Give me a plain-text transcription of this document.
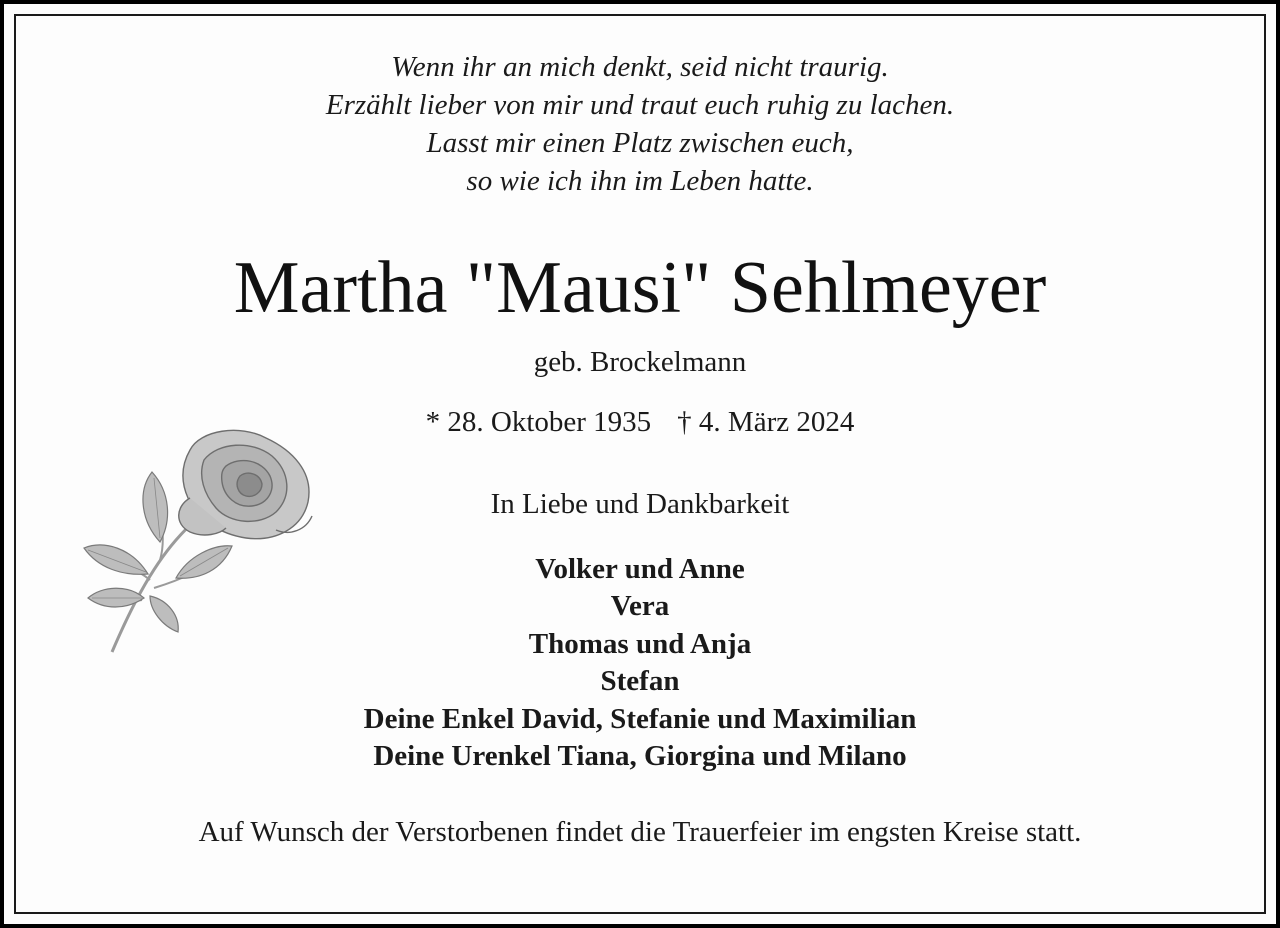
Wenn ihr an mich denkt, seid nicht traurig.
Erzählt lieber von mir und traut euch ruhig zu lachen.
Lasst mir einen Platz zwischen euch,
so wie ich ihn im Leben hatte.
Martha "Mausi" Sehlmeyer
geb. Brockelmann
* 28. Oktober 1935 † 4. März 2024
In Liebe und Dankbarkeit
Volker und Anne
Vera
Thomas und Anja
Stefan
Deine Enkel David, Stefanie und Maximilian
Deine Urenkel Tiana, Giorgina und Milano
Auf Wunsch der Verstorbenen findet die Trauerfeier im engsten Kreise statt.
